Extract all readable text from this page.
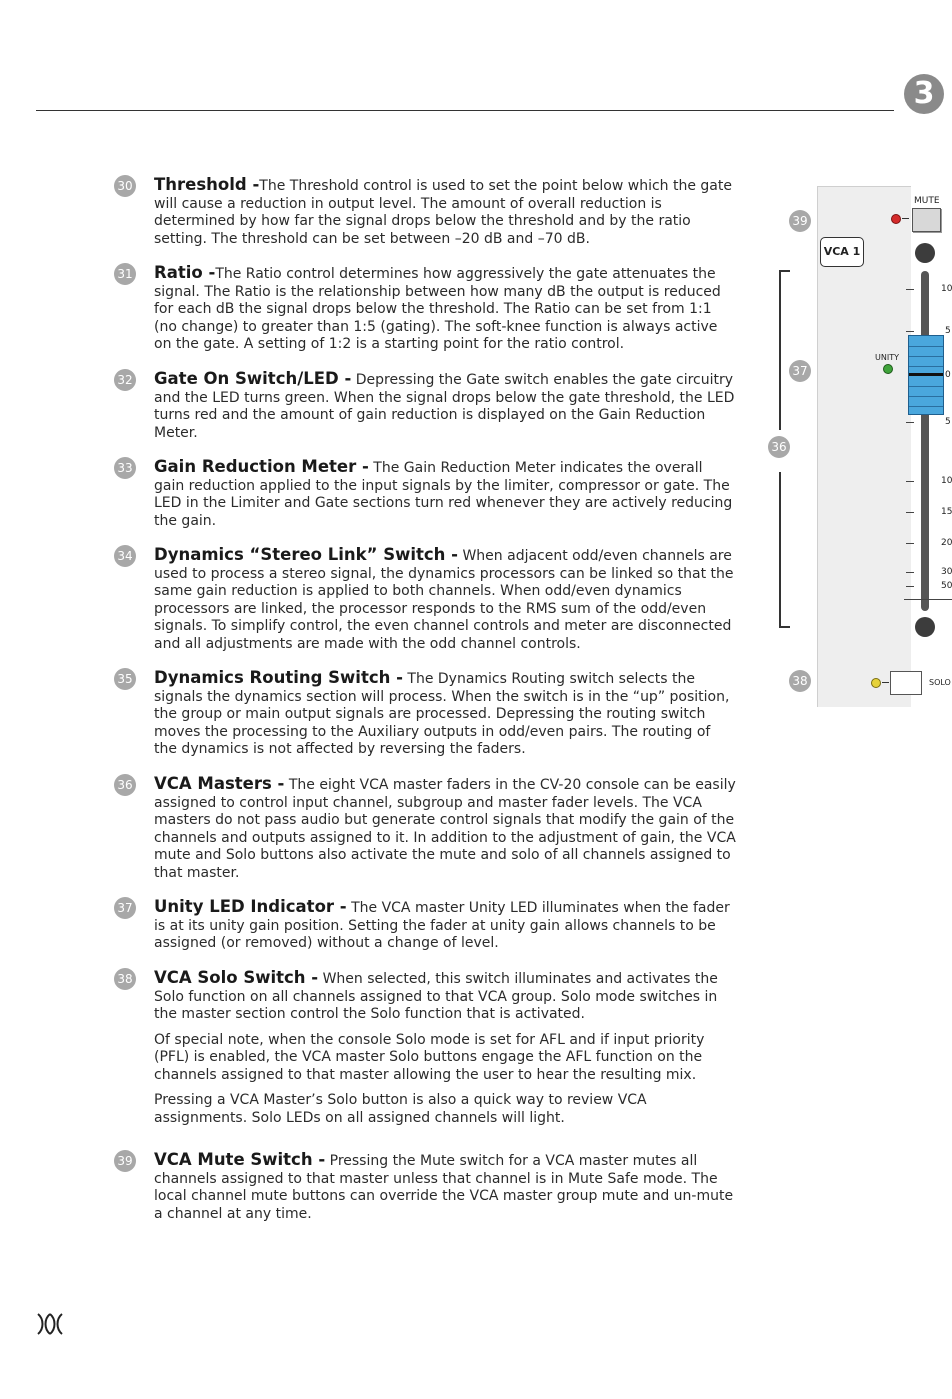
3
30 Threshold -The Threshold control is used to set the point below which the gate will cause a reduction in output level. The amount of overall reduction is determined by how far the signal drops below the threshold and by the ratio setting. The threshold can be set between –20 dB and –70 dB.
31 Ratio -The Ratio control determines how aggressively the gate attenuates the signal. The Ratio is the relationship between how many dB the output is reduced for each dB the signal drops below the threshold. The Ratio can be set from 1:1 (no change) to greater than 1:5 (gating). The soft-knee function is always active on the gate. A setting of 1:2 is a starting point for the ratio control.
32 Gate On Switch/LED - Depressing the Gate switch enables the gate circuitry and the LED turns green. When the signal drops below the gate threshold, the LED turns red and the amount of gain reduction is displayed on the Gain Reduction Meter.
33 Gain Reduction Meter - The Gain Reduction Meter indicates the overall gain reduction applied to the input signals by the limiter, compressor or gate. The LED in the Limiter and Gate sections turn red whenever they are actively reducing the gain.
34 Dynamics “Stereo Link” Switch - When adjacent odd/even channels are used to process a stereo signal, the dynamics processors can be linked so that the same gain reduction is applied to both channels. When odd/even dynamics processors are linked, the processor responds to the RMS sum of the odd/even signals. To simplify control, the even channel controls and meter are disconnected and all adjustments are made with the odd channel controls.
35 Dynamics Routing Switch - The Dynamics Routing switch selects the signals the dynamics section will process. When the switch is in the “up” position, the group or main output signals are processed. Depressing the routing switch moves the processing to the Auxiliary outputs in odd/even pairs. The routing of the dynamics is not affected by reversing the faders.
36 VCA Masters - The eight VCA master faders in the CV-20 console can be easily assigned to control input channel, subgroup and master fader levels. The VCA masters do not pass audio but generate control signals that modify the gain of the channels and outputs assigned to it. In addition to the adjustment of gain, the VCA mute and Solo buttons also activate the mute and solo of all channels assigned to that master.
37 Unity LED Indicator - The VCA master Unity LED illuminates when the fader is at its unity gain position. Setting the fader at unity gain allows channels to be assigned (or removed) without a change of level.
38 VCA Solo Switch - When selected, this switch illuminates and activates the Solo function on all channels assigned to that VCA group. Solo mode switches in the master section control the Solo function that is activated.
Of special note, when the console Solo mode is set for AFL and if input priority (PFL) is enabled, the VCA master Solo buttons engage the AFL function on the channels assigned to that master allowing the user to hear the resulting mix.
Pressing a VCA Master’s Solo button is also a quick way to review VCA assignments. Solo LEDs on all assigned channels will light.
39 VCA Mute Switch - Pressing the Mute switch for a VCA master mutes all channels assigned to that master unless that channel is in Mute Safe mode. The local channel mute buttons can override the VCA master group mute and un-mute a channel at any time.
MUTE
VCA 1
10
5
0
5
10
15
20
30
50
UNITY
SOLO
39
37
36
38
